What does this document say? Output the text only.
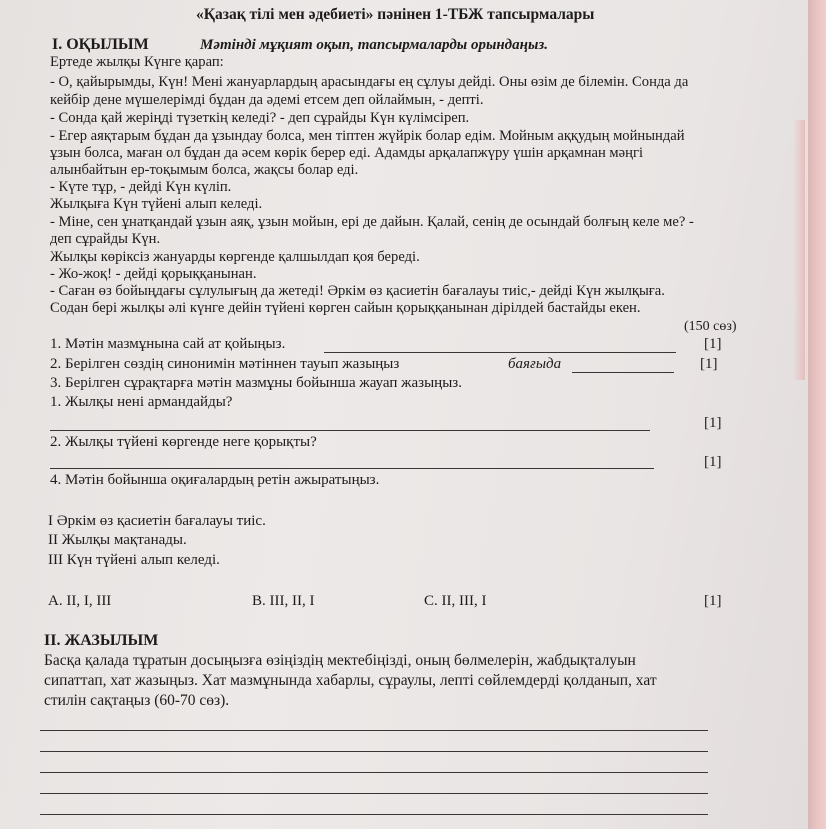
«Қазақ тілі мен әдебиеті» пәнінен 1-ТБЖ тапсырмалары
I. ОҚЫЛЫМ	Мәтінді мұқият оқып, тапсырмаларды орындаңыз.
Ертеде жылқы Күнге қарап:
- О, қайырымды, Күн! Мені жануарлардың арасындағы ең сұлуы дейді. Оны өзім де білемін. Сонда да
кейбір дене мүшелерімді бұдан да әдемі етсем деп ойлаймын, - депті.
- Сонда қай жеріңді түзеткің келеді? - деп сұрайды Күн күлімсіреп.
- Егер аяқтарым бұдан да ұзындау болса, мен тіптен жүйрік болар едім. Мойным аққудың мойнындай
ұзын болса, маған ол бұдан да әсем көрік берер еді. Адамды арқалапжүру үшін арқамнан мәңгі
алынбайтын ер-тоқымым болса, жақсы болар еді.
- Күте тұр, - дейді Күн күліп.
Жылқыға Күн түйені алып келеді.
- Міне, сен ұнатқандай ұзын аяқ, ұзын мойын, ері де дайын. Қалай, сенің де осындай болғың келе ме? -
деп сұрайды Күн.
Жылқы көріксіз жануарды көргенде қалшылдап қоя береді.
- Жо-жоқ! - дейді қорыққанынан.
- Саған өз бойыңдағы сұлулығың да жетеді! Әркім өз қасиетін бағалауы тиіс,- дейді Күн жылқыға.
Содан бері жылқы әлі күнге дейін түйені көрген сайын қорыққанынан дірілдей бастайды екен.
(150 сөз)
1. Мәтін мазмұнына сай ат қойыңыз.	[1]
2. Берілген сөздің синонимін мәтіннен тауып жазыңыз	баяғыда	[1]
3. Берілген сұрақтарға мәтін мазмұны бойынша жауап жазыңыз.
1. Жылқы нені армандайды?
[1]
2. Жылқы түйені көргенде неге қорықты?
[1]
4. Мәтін бойынша оқиғалардың ретін ажыратыңыз.
I Әркім өз қасиетін бағалауы тиіс.
II Жылқы мақтанады.
III Күн түйені алып келеді.
A. II, I, III	B. III, II, I	C. II, III, I	[1]
II. ЖАЗЫЛЫМ
Басқа қалада тұратын досыңызға өзіңіздің мектебіңізді, оның бөлмелерін, жабдықталуын
сипаттап, хат жазыңыз. Хат мазмұнында хабарлы, сұраулы, лепті сөйлемдерді қолданып, хат
стилін сақтаңыз (60-70 сөз).
